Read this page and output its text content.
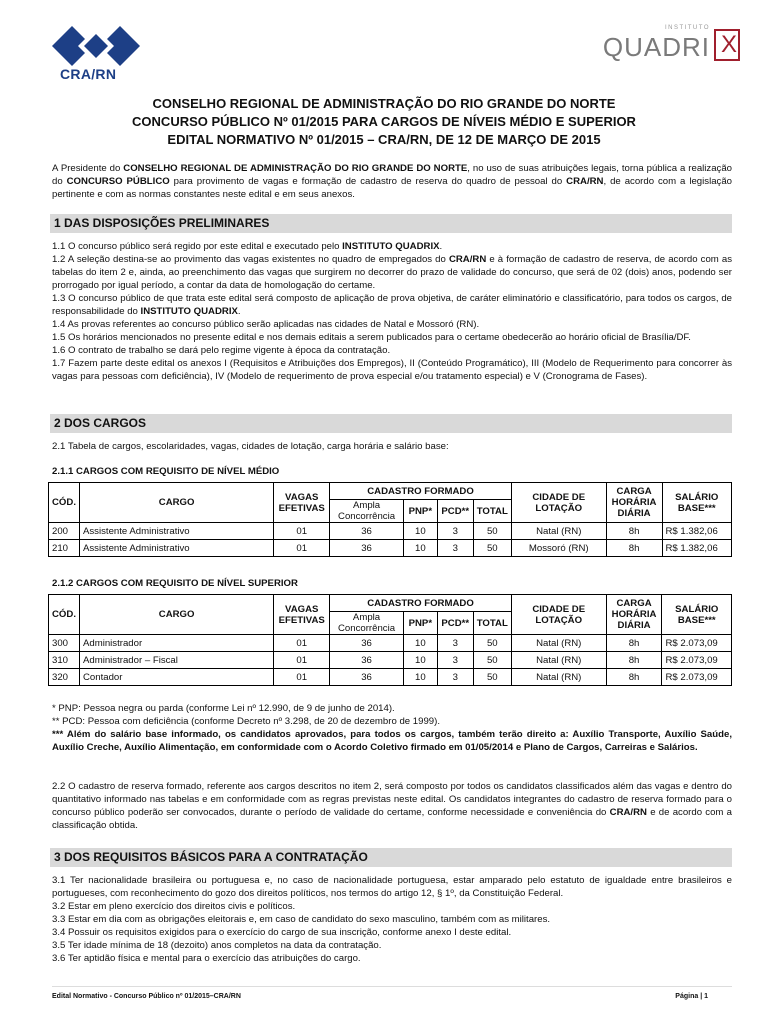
CRA/RN
INSTITUTO
QUADRI X
CONSELHO REGIONAL DE ADMINISTRAÇÃO DO RIO GRANDE DO NORTE
CONCURSO PÚBLICO Nº 01/2015 PARA CARGOS DE NÍVEIS MÉDIO E SUPERIOR
EDITAL NORMATIVO Nº 01/2015 – CRA/RN, DE 12 DE MARÇO DE 2015
A Presidente do CONSELHO REGIONAL DE ADMINISTRAÇÃO DO RIO GRANDE DO NORTE, no uso de suas atribuições legais, torna pública a realização do CONCURSO PÚBLICO para provimento de vagas e formação de cadastro de reserva do quadro de pessoal do CRA/RN, de acordo com a legislação pertinente e com as normas constantes neste edital e em seus anexos.
1 DAS DISPOSIÇÕES PRELIMINARES

1.1 O concurso público será regido por este edital e executado pelo INSTITUTO QUADRIX.

1.2 A seleção destina-se ao provimento das vagas existentes no quadro de empregados do CRA/RN e à formação de cadastro de reserva, de acordo com as tabelas do item 2 e, ainda, ao preenchimento das vagas que surgirem no decorrer do prazo de validade do concurso, que será de 02 (dois) anos, podendo ser prorrogado por igual período, a contar da data de homologação do certame.

1.3 O concurso público de que trata este edital será composto de aplicação de prova objetiva, de caráter eliminatório e classificatório, para todos os cargos, de responsabilidade do INSTITUTO QUADRIX.

1.4 As provas referentes ao concurso público serão aplicadas nas cidades de Natal e Mossoró (RN).

1.5 Os horários mencionados no presente edital e nos demais editais a serem publicados para o certame obedecerão ao horário oficial de Brasília/DF.

1.6 O contrato de trabalho se dará pelo regime vigente à época da contratação.

1.7 Fazem parte deste edital os anexos I (Requisitos e Atribuições dos Empregos), II (Conteúdo Programático), III (Modelo de Requerimento para concorrer às vagas para pessoas com deficiência), IV (Modelo de requerimento de prova especial e/ou tratamento especial) e V (Cronograma de Fases).

2 DOS CARGOS
2.1 Tabela de cargos, escolaridades, vagas, cidades de lotação, carga horária e salário base:
2.1.1 CARGOS COM REQUISITO DE NÍVEL MÉDIO
CÓD.	CARGO	VAGAS EFETIVAS	CADASTRO FORMADO				CIDADE DE LOTAÇÃO	CARGA HORÁRIA DIÁRIA	SALÁRIO BASE***
			Ampla Concorrência	PNP*	PCD**	TOTAL			
200	Assistente Administrativo	01	36	10	3	50	Natal (RN)	8h	R$ 1.382,06
210	Assistente Administrativo	01	36	10	3	50	Mossoró (RN)	8h	R$ 1.382,06
2.1.2 CARGOS COM REQUISITO DE NÍVEL SUPERIOR
CÓD.	CARGO	VAGAS EFETIVAS	CADASTRO FORMADO				CIDADE DE LOTAÇÃO	CARGA HORÁRIA DIÁRIA	SALÁRIO BASE***
			Ampla Concorrência	PNP*	PCD**	TOTAL			
300	Administrador	01	36	10	3	50	Natal (RN)	8h	R$ 2.073,09
310	Administrador – Fiscal	01	36	10	3	50	Natal (RN)	8h	R$ 2.073,09
320	Contador	01	36	10	3	50	Natal (RN)	8h	R$ 2.073,09

* PNP: Pessoa negra ou parda (conforme Lei nº 12.990, de 9 de junho de 2014).

** PCD: Pessoa com deficiência (conforme Decreto nº 3.298, de 20 de dezembro de 1999).

*** Além do salário base informado, os candidatos aprovados, para todos os cargos, também terão direito a: Auxílio Transporte, Auxílio Saúde, Auxílio Creche, Auxílio Alimentação, em conformidade com o Acordo Coletivo firmado em 01/05/2014 e Plano de Cargos, Carreiras e Salários.

2.2 O cadastro de reserva formado, referente aos cargos descritos no item 2, será composto por todos os candidatos classificados além das vagas e dentro do quantitativo informado nas tabelas e em conformidade com as regras previstas neste edital. Os candidatos integrantes do cadastro de reserva formado para o concurso público poderão ser convocados, durante o período de validade do certame, conforme necessidade e conveniência do CRA/RN e de acordo com a classificação obtida.
3 DOS REQUISITOS BÁSICOS PARA A CONTRATAÇÃO

3.1 Ter nacionalidade brasileira ou portuguesa e, no caso de nacionalidade portuguesa, estar amparado pelo estatuto de igualdade entre brasileiros e portugueses, com reconhecimento do gozo dos direitos políticos, nos termos do artigo 12, § 1º, da Constituição Federal.

3.2 Estar em pleno exercício dos direitos civis e políticos.

3.3 Estar em dia com as obrigações eleitorais e, em caso de candidato do sexo masculino, também com as militares.

3.4 Possuir os requisitos exigidos para o exercício do cargo de sua inscrição, conforme anexo I deste edital.

3.5 Ter idade mínima de 18 (dezoito) anos completos na data da contratação.

3.6 Ter aptidão física e mental para o exercício das atribuições do cargo.

Edital Normativo - Concurso Público nº 01/2015–CRA/RN	Página | 1
